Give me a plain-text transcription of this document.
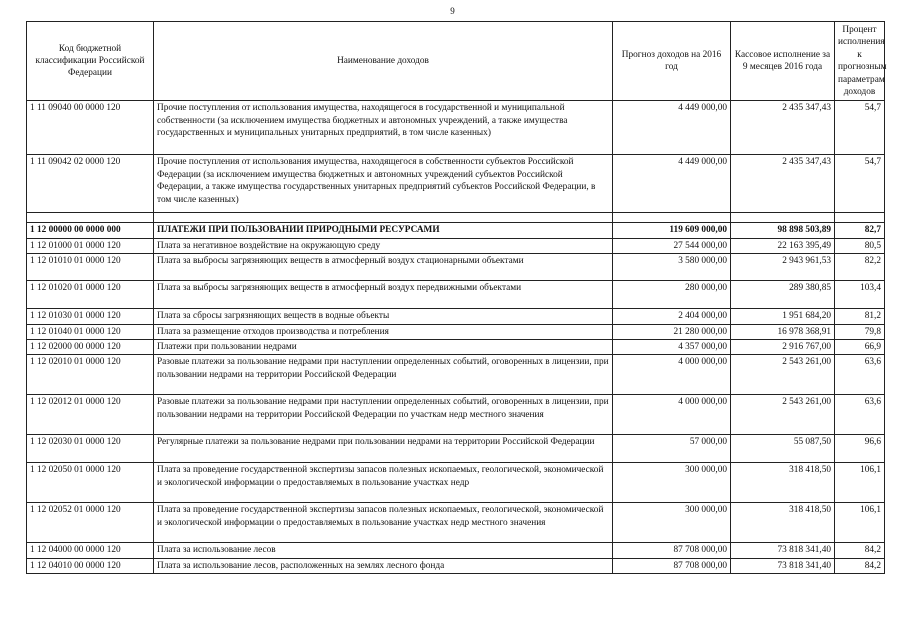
9
Код бюджетной классификации Российской Федерации	Наименование доходов	Прогноз доходов на 2016 год	Кассовое исполнение за 9 месяцев 2016 года	Процент исполнения к прогнозным параметрам доходов
1 11 09040 00 0000 120	Прочие поступления от использования имущества, находящегося в государственной и муниципальной собственности (за исключением имущества бюджетных и автономных учреждений, а также имущества государственных и муниципальных унитарных предприятий, в том числе казенных)	4 449 000,00	2 435 347,43	54,7
1 11 09042 02 0000 120	Прочие поступления от использования имущества, находящегося в собственности субъектов Российской Федерации (за исключением имущества бюджетных и автономных учреждений субъектов Российской Федерации, а также имущества государственных унитарных предприятий субъектов Российской Федерации, в том числе казенных)	4 449 000,00	2 435 347,43	54,7

1 12 00000 00 0000 000	ПЛАТЕЖИ ПРИ ПОЛЬЗОВАНИИ ПРИРОДНЫМИ РЕСУРСАМИ	119 609 000,00	98 898 503,89	82,7
1 12 01000 01 0000 120	Плата за негативное воздействие на окружающую среду	27 544 000,00	22 163 395,49	80,5
1 12 01010 01 0000 120	Плата за выбросы загрязняющих веществ в атмосферный воздух стационарными объектами	3 580 000,00	2 943 961,53	82,2
1 12 01020 01 0000 120	Плата за выбросы загрязняющих веществ в атмосферный воздух передвижными объектами	280 000,00	289 380,85	103,4
1 12 01030 01 0000 120	Плата за сбросы загрязняющих веществ в водные объекты	2 404 000,00	1 951 684,20	81,2
1 12 01040 01 0000 120	Плата за размещение отходов производства и потребления	21 280 000,00	16 978 368,91	79,8
1 12 02000 00 0000 120	Платежи при пользовании недрами	4 357 000,00	2 916 767,00	66,9
1 12 02010 01 0000 120	Разовые платежи за пользование недрами при наступлении определенных событий, оговоренных в лицензии, при пользовании недрами на территории Российской Федерации	4 000 000,00	2 543 261,00	63,6
1 12 02012 01 0000 120	Разовые платежи за пользование недрами при наступлении определенных событий, оговоренных в лицензии, при пользовании недрами на территории Российской Федерации по участкам недр местного значения	4 000 000,00	2 543 261,00	63,6
1 12 02030 01 0000 120	Регулярные платежи за пользование недрами при пользовании недрами на территории Российской Федерации	57 000,00	55 087,50	96,6
1 12 02050 01 0000 120	Плата за проведение государственной экспертизы запасов полезных ископаемых, геологической, экономической и экологической информации о предоставляемых в пользование участках недр	300 000,00	318 418,50	106,1
1 12 02052 01 0000 120	Плата за проведение государственной экспертизы запасов полезных ископаемых, геологической, экономической и экологической информации о предоставляемых в пользование участках недр местного значения	300 000,00	318 418,50	106,1
1 12 04000 00 0000 120	Плата за использование лесов	87 708 000,00	73 818 341,40	84,2
1 12 04010 00 0000 120	Плата за использование лесов, расположенных на землях лесного фонда	87 708 000,00	73 818 341,40	84,2
